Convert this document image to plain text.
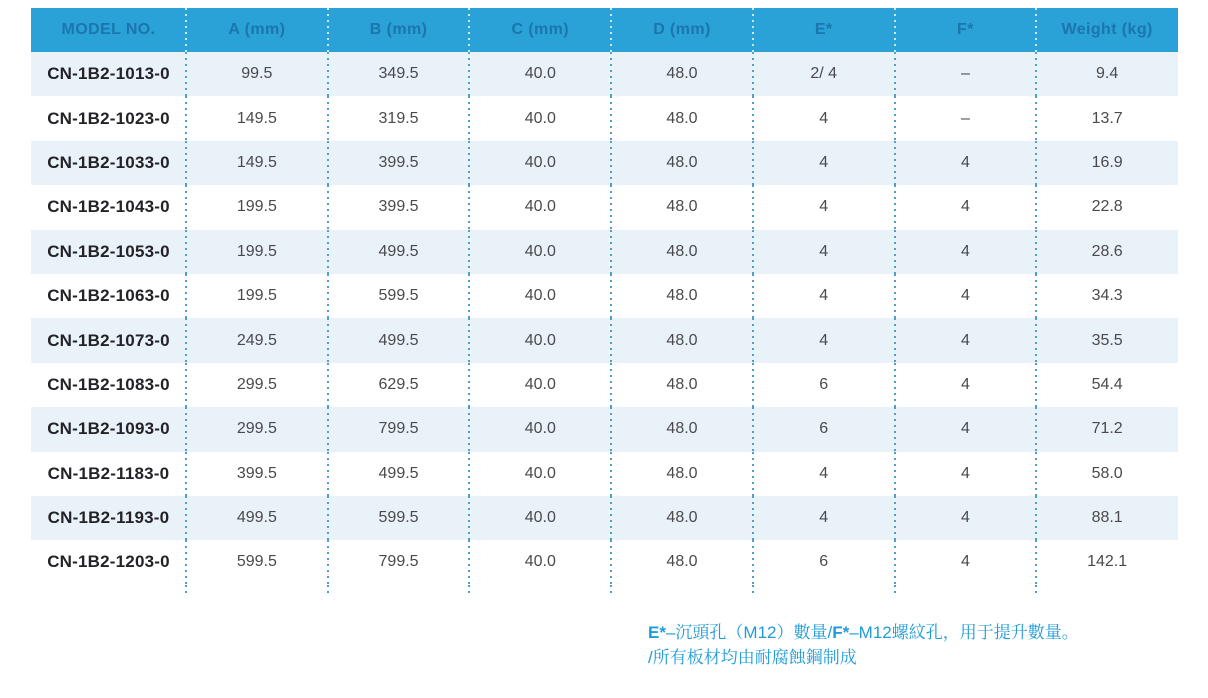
MODEL NO.	A (mm)	B (mm)	C (mm)	D (mm)	E*	F*	Weight (kg)
CN-1B2-1013-0	99.5	349.5	40.0	48.0	2/ 4	–	9.4
CN-1B2-1023-0	149.5	319.5	40.0	48.0	4	–	13.7
CN-1B2-1033-0	149.5	399.5	40.0	48.0	4	4	16.9
CN-1B2-1043-0	199.5	399.5	40.0	48.0	4	4	22.8
CN-1B2-1053-0	199.5	499.5	40.0	48.0	4	4	28.6
CN-1B2-1063-0	199.5	599.5	40.0	48.0	4	4	34.3
CN-1B2-1073-0	249.5	499.5	40.0	48.0	4	4	35.5
CN-1B2-1083-0	299.5	629.5	40.0	48.0	6	4	54.4
CN-1B2-1093-0	299.5	799.5	40.0	48.0	6	4	71.2
CN-1B2-1183-0	399.5	499.5	40.0	48.0	4	4	58.0
CN-1B2-1193-0	499.5	599.5	40.0	48.0	4	4	88.1
CN-1B2-1203-0	599.5	799.5	40.0	48.0	6	4	142.1
E*–沉頭孔（M12）數量/F*–M12螺紋孔，用于提升數量。
/所有板材均由耐腐蝕鋼制成
